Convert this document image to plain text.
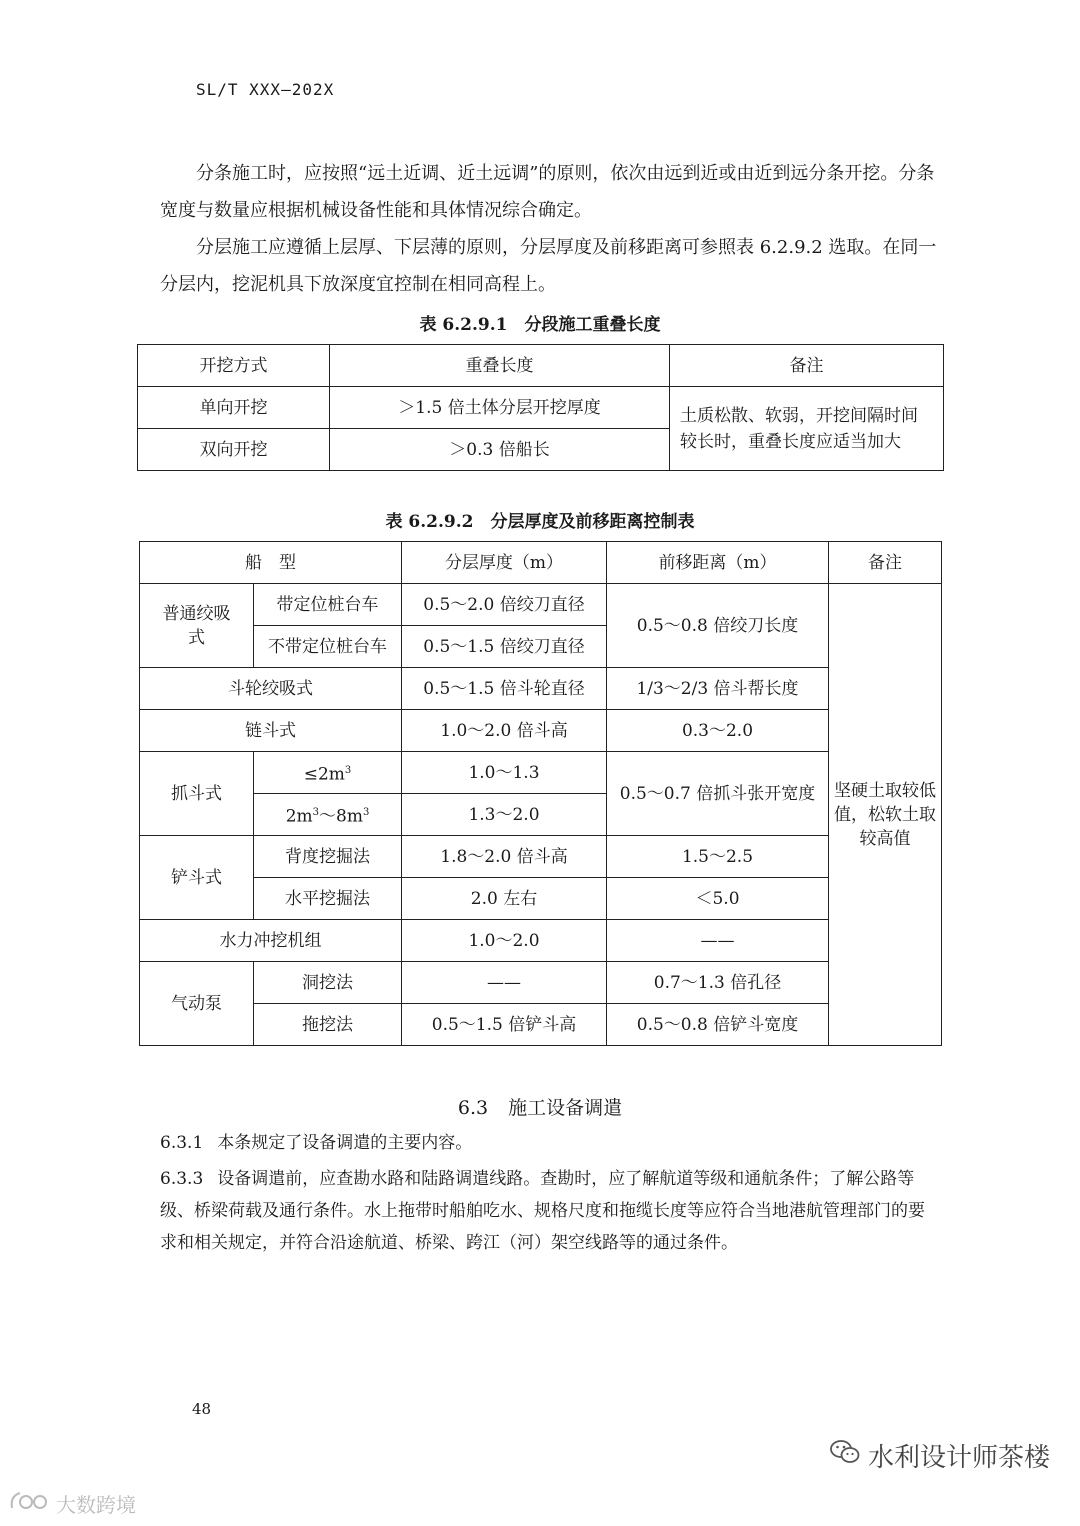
SL/T XXX—202X

分条施工时，应按照“远土近调、近土远调”的原则，依次由远到近或由近到远分条开挖。分条宽度与数量应根据机械设备性能和具体情况综合确定。

分层施工应遵循上层厚、下层薄的原则，分层厚度及前移距离可参照表 6.2.9.2 选取。在同一分层内，挖泥机具下放深度宜控制在相同高程上。

表 6.2.9.1　分段施工重叠长度
开挖方式	重叠长度	备注
单向开挖	＞1.5 倍土体分层开挖厚度	土质松散、软弱，开挖间隔时间较长时，重叠长度应适当加大
双向开挖	＞0.3 倍船长	
表 6.2.9.2　分层厚度及前移距离控制表
船　型		分层厚度（m）	前移距离（m）	备注
普通绞吸式	带定位桩台车	0.5～2.0 倍绞刀直径	0.5～0.8 倍绞刀长度	坚硬土取较低值，松软土取较高值
	不带定位桩台车	0.5～1.5 倍绞刀直径		
斗轮绞吸式		0.5～1.5 倍斗轮直径	1/3～2/3 倍斗帮长度	
链斗式		1.0～2.0 倍斗高	0.3～2.0	
抓斗式	$\le 2m^3$	1.0～1.3	0.5～0.7 倍抓斗张开宽度	
	$2m^3\sim 8m^3$	1.3～2.0		
铲斗式	背度挖掘法	1.8～2.0 倍斗高	1.5～2.5	
	水平挖掘法	2.0 左右	＜5.0	
水力冲挖机组		1.0～2.0	——	
气动泵	洞挖法	——	0.7～1.3 倍孔径	
	拖挖法	0.5～1.5 倍铲斗高	0.5～0.8 倍铲斗宽度	
6.3 施工设备调遣

6.3.1 本条规定了设备调遣的主要内容。

6.3.3 设备调遣前，应查勘水路和陆路调遣线路。查勘时，应了解航道等级和通航条件；了解公路等级、桥梁荷载及通行条件。水上拖带时船舶吃水、规格尺度和拖缆长度等应符合当地港航管理部门的要求和相关规定，并符合沿途航道、桥梁、跨江（河）架空线路等的通过条件。

48
水利设计师茶楼
大数跨境
